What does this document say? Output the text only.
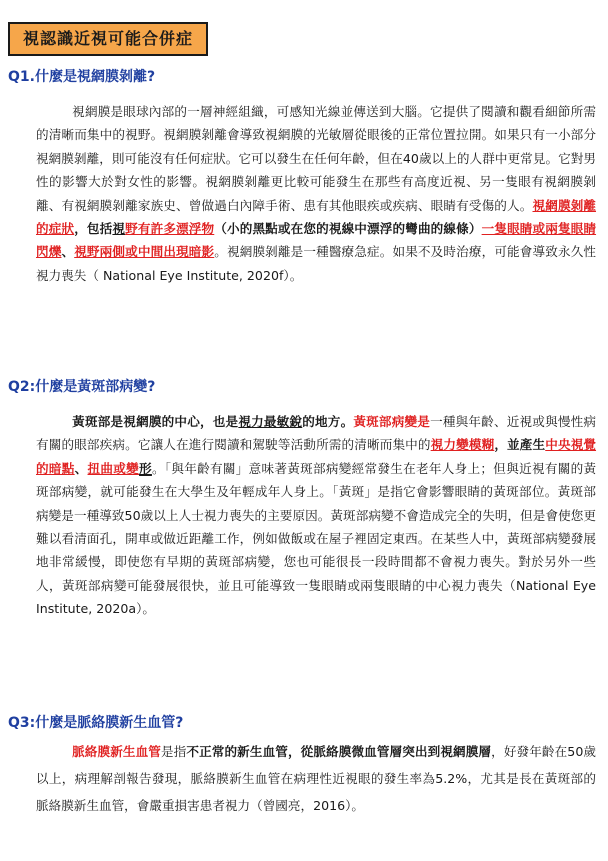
視認識近視可能合併症
Q1.什麼是視網膜剝離?
視網膜是眼球內部的一層神經組織，可感知光線並傳送到大腦。它提供了閱讀和觀看細節所需的清晰而集中的視野。視網膜剝離會導致視網膜的光敏層從眼後的正常位置拉開。如果只有一小部分視網膜剝離，則可能沒有任何症狀。它可以發生在任何年齡，但在40歲以上的人群中更常見。它對男性的影響大於對女性的影響。視網膜剝離更比較可能發生在那些有高度近視、另一隻眼有視網膜剝離、有視網膜剝離家族史、曾做過白內障手術、患有其他眼疾或疾病、眼睛有受傷的人。視網膜剝離的症狀，包括視野有許多漂浮物（小的黑點或在您的視線中漂浮的彎曲的線條）一隻眼睛或兩隻眼睛閃爍、視野兩側或中間出現暗影。視網膜剝離是一種醫療急症。如果不及時治療，可能會導致永久性視力喪失（ National Eye Institute, 2020f）。
Q2:什麼是黃斑部病變?
黃斑部是視網膜的中心，也是視力最敏銳的地方。黃斑部病變是一種與年齡、近視或與慢性病有關的眼部疾病。它讓人在進行閱讀和駕駛等活動所需的清晰而集中的視力變模糊，並產生中央視覺的暗點、扭曲或變形。「與年齡有關」意味著黃斑部病變經常發生在老年人身上；但與近視有關的黃斑部病變，就可能發生在大學生及年輕成年人身上。「黃斑」是指它會影響眼睛的黃斑部位。黃斑部病變是一種導致50歲以上人士視力喪失的主要原因。黃斑部病變不會造成完全的失明，但是會使您更難以看清面孔，開車或做近距離工作，例如做飯或在屋子裡固定東西。在某些人中，黃斑部病變發展地非常緩慢，即使您有早期的黃斑部病變，您也可能很長一段時間都不會視力喪失。對於另外一些人，黃斑部病變可能發展很快，並且可能導致一隻眼睛或兩隻眼睛的中心視力喪失（National Eye Institute, 2020a）。
Q3:什麼是脈絡膜新生血管?
脈絡膜新生血管是指不正常的新生血管，從脈絡膜微血管層突出到視網膜層，好發年齡在50歲以上，病理解剖報告發現，脈絡膜新生血管在病理性近視眼的發生率為5.2%，尤其是長在黃斑部的脈絡膜新生血管，會嚴重損害患者視力（曾國亮，2016）。
